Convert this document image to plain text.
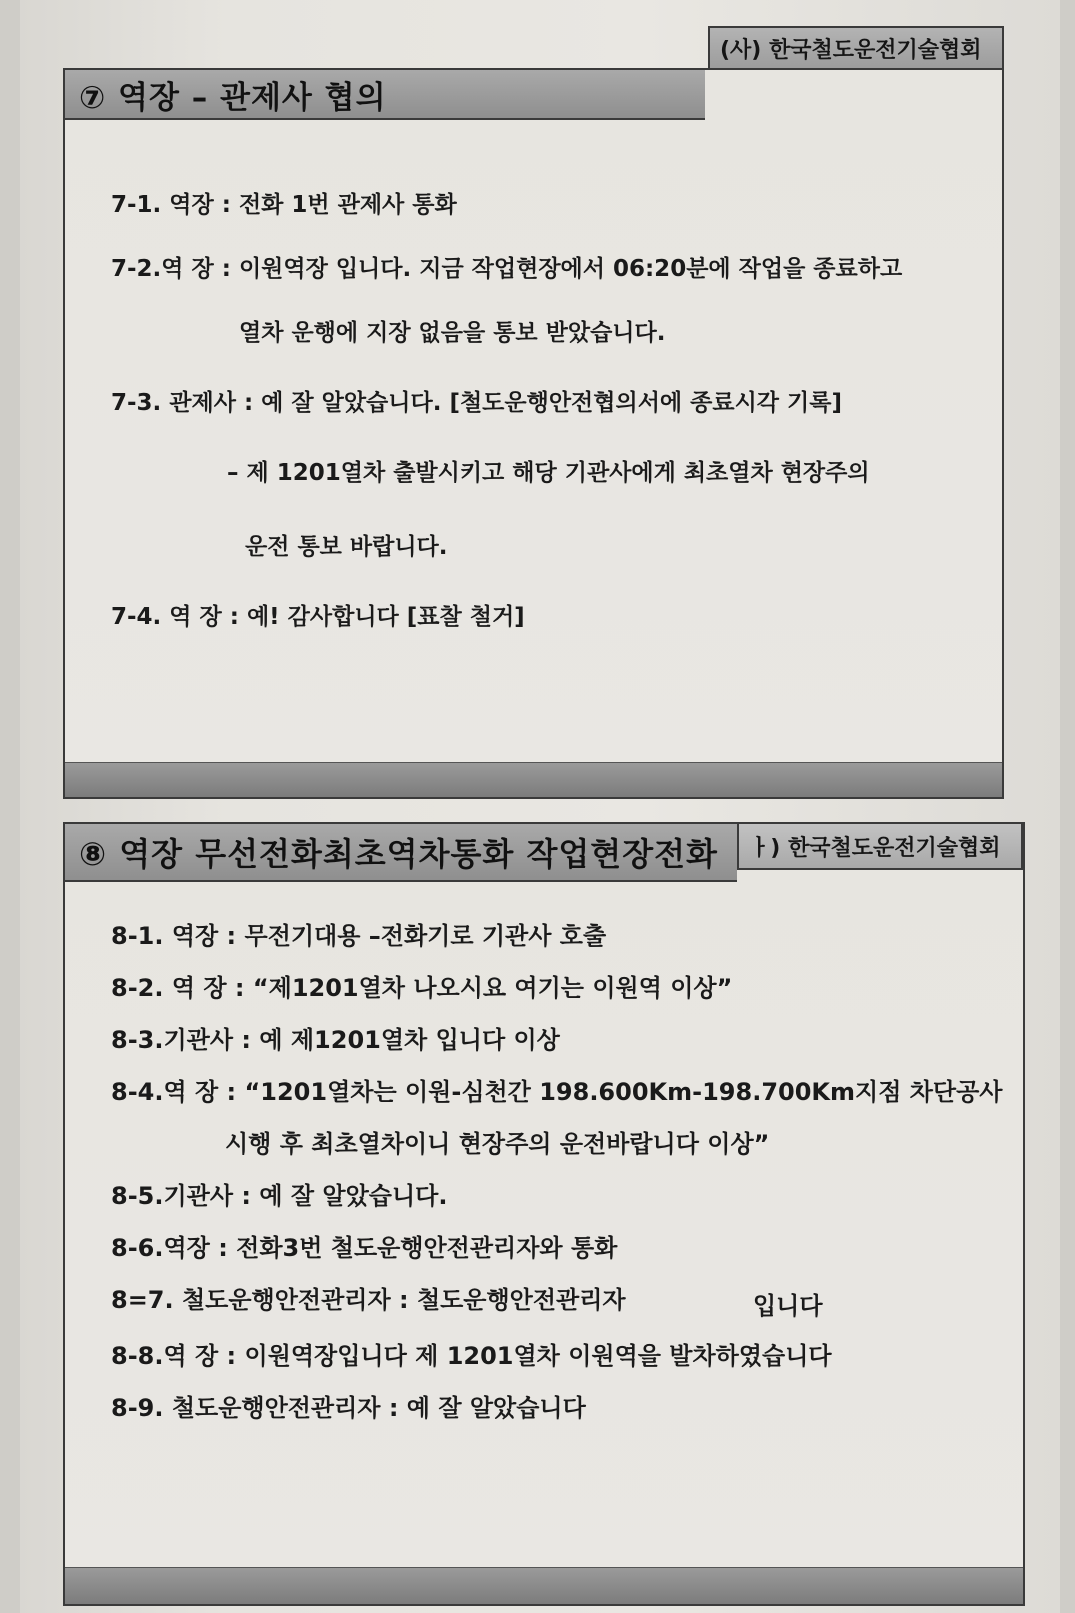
(사) 한국철도운전기술협회
⑦ 역장 – 관제사 협의
7-1. 역장 : 전화 1번 관제사 통화
7-2.역 장 : 이원역장 입니다. 지금 작업현장에서 06:20분에 작업을 종료하고
열차 운행에 지장 없음을 통보 받았습니다.
7-3. 관제사 : 예 잘 알았습니다. [철도운행안전협의서에 종료시각 기록]
– 제 1201열차 출발시키고 해당 기관사에게 최초열차 현장주의
운전 통보 바랍니다.
7-4. 역 장 : 예! 감사합니다 [표찰 철거]
⑧ 역장 무선전화최초역차통화 작업현장전화	ㅏ) 한국철도운전기술협회
8-1. 역장 : 무전기대용 –전화기로 기관사 호출
8-2. 역 장 : “제1201열차 나오시요 여기는 이원역 이상”
8-3.기관사 : 예 제1201열차 입니다 이상
8-4.역 장 : “1201열차는 이원-심천간 198.600Km-198.700Km지점 차단공사
시행 후 최초열차이니 현장주의 운전바랍니다 이상”
8-5.기관사 : 예 잘 알았습니다.
8-6.역장 : 전화3번 철도운행안전관리자와 통화
8=7. 철도운행안전관리자 : 철도운행안전관리자	입니다
8-8.역 장 : 이원역장입니다 제 1201열차 이원역을 발차하였습니다
8-9. 철도운행안전관리자 : 예 잘 알았습니다
